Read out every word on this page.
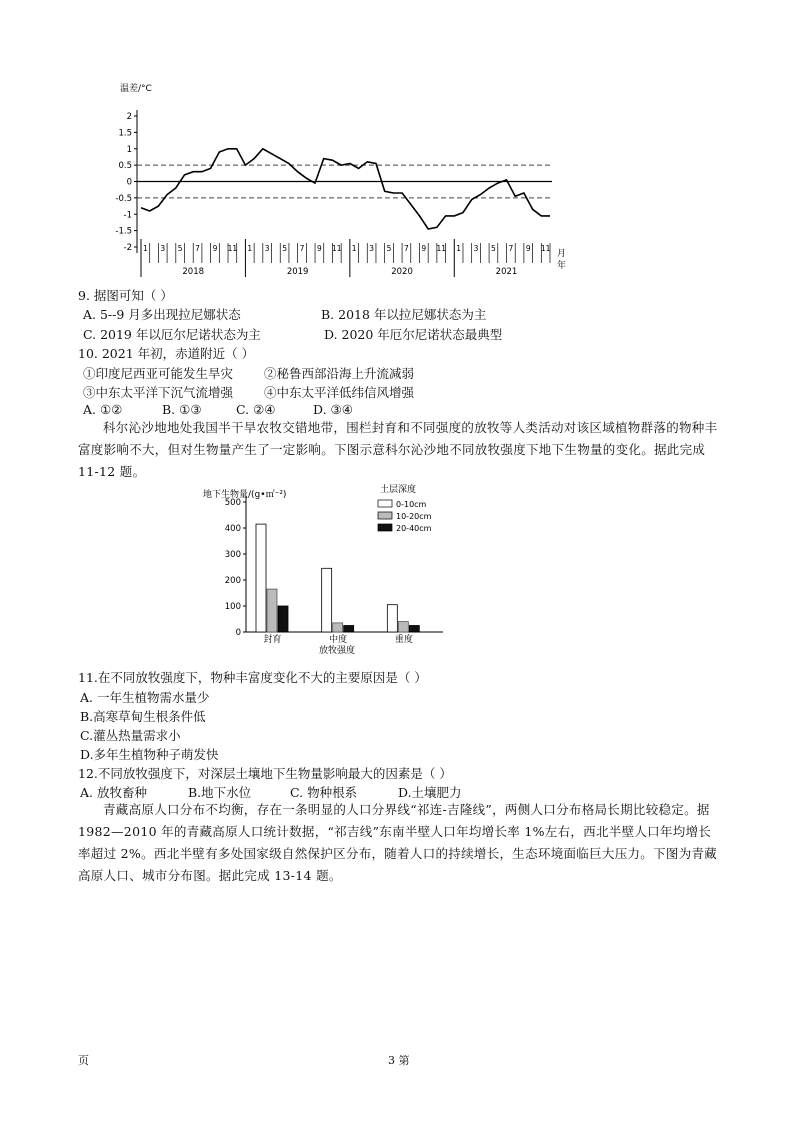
温差/°C
2
1.5
1
0.5
0
-0.5
-1
-1.5
-2 1 3 5 7 9 11 1 3 5 7 9 11 1 3 5 7 9 11 1 3 5 7 9 11
2018	2019	2020	2021
月
年
9. 据图可知（ ）
A. 5--9 月多出现拉尼娜状态	B. 2018 年以拉尼娜状态为主
C. 2019 年以厄尔尼诺状态为主	D. 2020 年厄尔尼诺状态最典型
10. 2021 年初，赤道附近（ ）
①印度尼西亚可能发生旱灾 ②秘鲁西部沿海上升流减弱
③中东太平洋下沉气流增强 ④中东太平洋低纬信风增强
A. ①②	B. ①③	C. ②④	D. ③④
科尔沁沙地地处我国半干旱农牧交错地带，围栏封育和不同强度的放牧等人类活动对该区域植物群落的物种丰富度影响不大，但对生物量产生了一定影响。下图示意科尔沁沙地不同放牧强度下地下生物量的变化。据此完成 11-12 题。
地下生物量/(g•㎡⁻²)	土层深度
500
400
300
200
100
0
封育	中度	重度
0-10cm
10-20cm
20-40cm
放牧强度
11.在不同放牧强度下，物种丰富度变化不大的主要原因是（ ）
A. 一年生植物需水量少
B.高寒草甸生根条件低
C.灌丛热量需求小
D.多年生植物种子萌发快
12.不同放牧强度下，对深层土壤地下生物量影响最大的因素是（ ）
A. 放牧畜种	B.地下水位	C. 物种根系	D.土壤肥力
青藏高原人口分布不均衡，存在一条明显的人口分界线“祁连-吉隆线”，两侧人口分布格局长期比较稳定。据 1982—2010 年的青藏高原人口统计数据，“祁吉线”东南半壁人口年均增长率 1%左右，西北半壁人口年均增长率超过 2%。西北半壁有多处国家级自然保护区分布，随着人口的持续增长，生态环境面临巨大压力。下图为青藏高原人口、城市分布图。据此完成 13-14 题。
页	3 第
